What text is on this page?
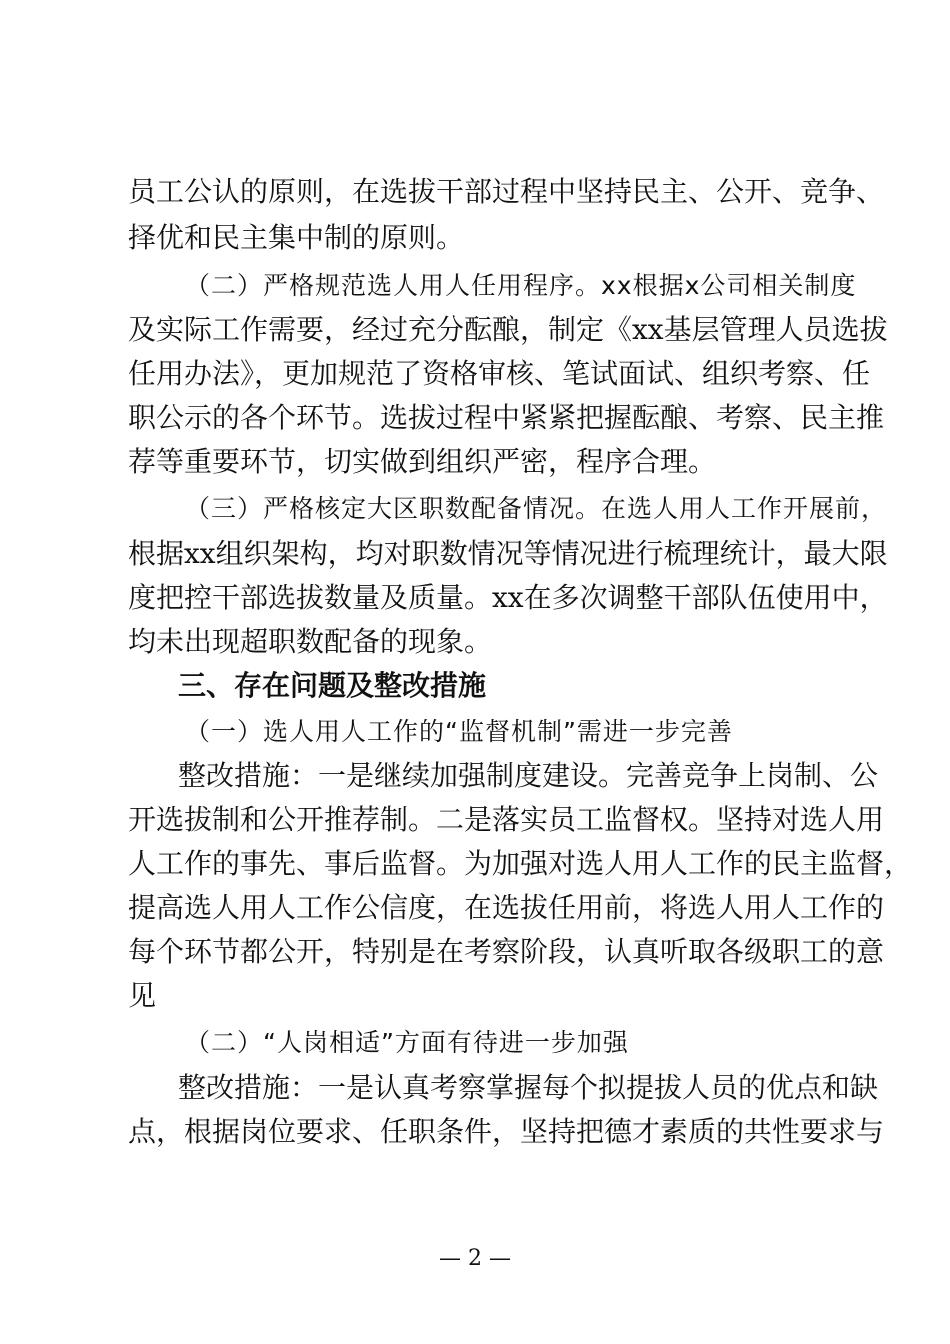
员工公认的原则，在选拔干部过程中坚持民主、公开、竞争、
择优和民主集中制的原则。
（二）严格规范选人用人任用程序。xx根据x公司相关制度
及实际工作需要，经过充分酝酿，制定《xx基层管理人员选拔
任用办法》，更加规范了资格审核、笔试面试、组织考察、任
职公示的各个环节。选拔过程中紧紧把握酝酿、考察、民主推
荐等重要环节，切实做到组织严密，程序合理。
（三）严格核定大区职数配备情况。在选人用人工作开展前，
根据xx组织架构，均对职数情况等情况进行梳理统计，最大限
度把控干部选拔数量及质量。xx在多次调整干部队伍使用中，
均未出现超职数配备的现象。
三、存在问题及整改措施
（一）选人用人工作的“监督机制”需进一步完善
整改措施：一是继续加强制度建设。完善竞争上岗制、公
开选拔制和公开推荐制。二是落实员工监督权。坚持对选人用
人工作的事先、事后监督。为加强对选人用人工作的民主监督，
提高选人用人工作公信度，在选拔任用前，将选人用人工作的
每个环节都公开，特别是在考察阶段，认真听取各级职工的意
见
（二）“人岗相适”方面有待进一步加强
整改措施：一是认真考察掌握每个拟提拔人员的优点和缺
点，根据岗位要求、任职条件，坚持把德才素质的共性要求与
— 2 —
